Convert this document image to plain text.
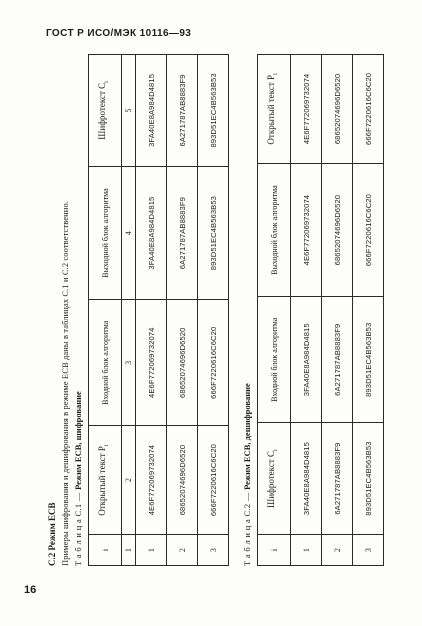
ГОСТ Р ИСО/МЭК 10116—93
С.2 Режим ЕСВ Примеры шифрования и дешифрования в режиме ЕСВ даны в таблицах С.1 и С.2 соответственно. Т а б л и ц а С.1 — Режим ЕСВ, шифрование
i	Открытый текст $P_i$	Входной блок алгоритма	Выходной блок алгоритма	Шифротекст $C_i$
1	2	3	4	5
1	4E6F772069732074	4E6F772069732074	3FA40E8A984D4815	3FA40E8A984D4815
2	68652074696D6520	68652074696D6520	6A271787AB8883F9	6A271787AB8883F9
3	666F7220616C6C20	666F7220616C6C20	893D51EC4B563B53	893D51EC4B563B53
Т а б л и ц а С.2 — Режим ЕСВ, дешифрование
i	Шифротекст $C_i$	Входной блок алгоритма	Выходной блок алгоритма	Открытый текст $P_i$
1	3FA40E8A984D4815	3FA40E8A984D4815	4E6F772069732074	4E6F772069732074
2	6A271787AB8883F9	6A271787AB8883F9	68652074696D6520	68652074696D6520
3	893D51EC4B563B53	893D51EC4B563B53	666F7220616C6C20	666F7220616C6C20
16
